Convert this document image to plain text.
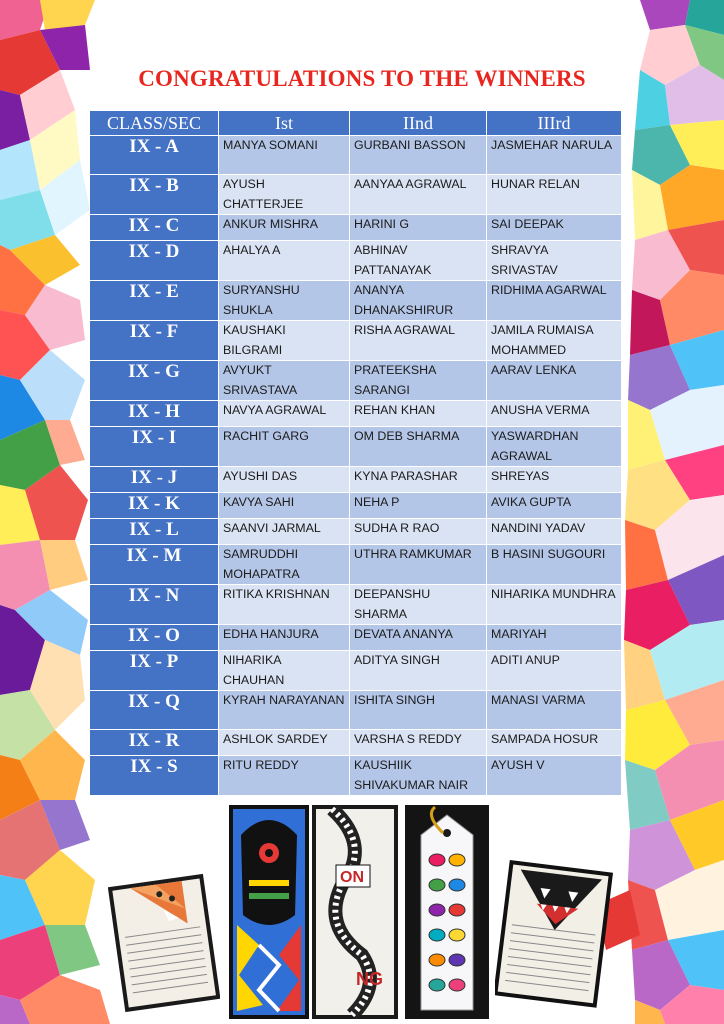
CONGRATULATIONS TO THE WINNERS
CLASS/SEC	Ist	IInd	IIIrd
IX - A	MANYA SOMANI	GURBANI BASSON	JASMEHAR NARULA
IX - B	AYUSH CHATTERJEE	AANYAA AGRAWAL	HUNAR RELAN
IX - C	ANKUR MISHRA	HARINI G	SAI DEEPAK
IX - D	AHALYA A	ABHINAV PATTANAYAK	SHRAVYA SRIVASTAV
IX - E	SURYANSHU SHUKLA	ANANYA DHANAKSHIRUR	RIDHIMA AGARWAL
IX - F	KAUSHAKI BILGRAMI	RISHA AGRAWAL	JAMILA RUMAISA MOHAMMED
IX - G	AVYUKT SRIVASTAVA	PRATEEKSHA SARANGI	AARAV LENKA
IX - H	NAVYA AGRAWAL	REHAN KHAN	ANUSHA VERMA
IX - I	RACHIT GARG	OM DEB SHARMA	YASWARDHAN AGRAWAL
IX - J	AYUSHI DAS	KYNA PARASHAR	SHREYAS
IX - K	KAVYA SAHI	NEHA P	AVIKA GUPTA
IX - L	SAANVI JARMAL	SUDHA R RAO	NANDINI YADAV
IX - M	SAMRUDDHI MOHAPATRA	UTHRA RAMKUMAR	B HASINI SUGOURI
IX - N	RITIKA KRISHNAN	DEEPANSHU SHARMA	NIHARIKA MUNDHRA
IX - O	EDHA HANJURA	DEVATA ANANYA	MARIYAH
IX - P	NIHARIKA CHAUHAN	ADITYA SINGH	ADITI ANUP
IX - Q	KYRAH NARAYANAN	ISHITA SINGH	MANASI VARMA
IX - R	ASHLOK SARDEY	VARSHA S REDDY	SAMPADA HOSUR
IX - S	RITU REDDY	KAUSHIIK SHIVAKUMAR NAIR	AYUSH V
ON
NG
